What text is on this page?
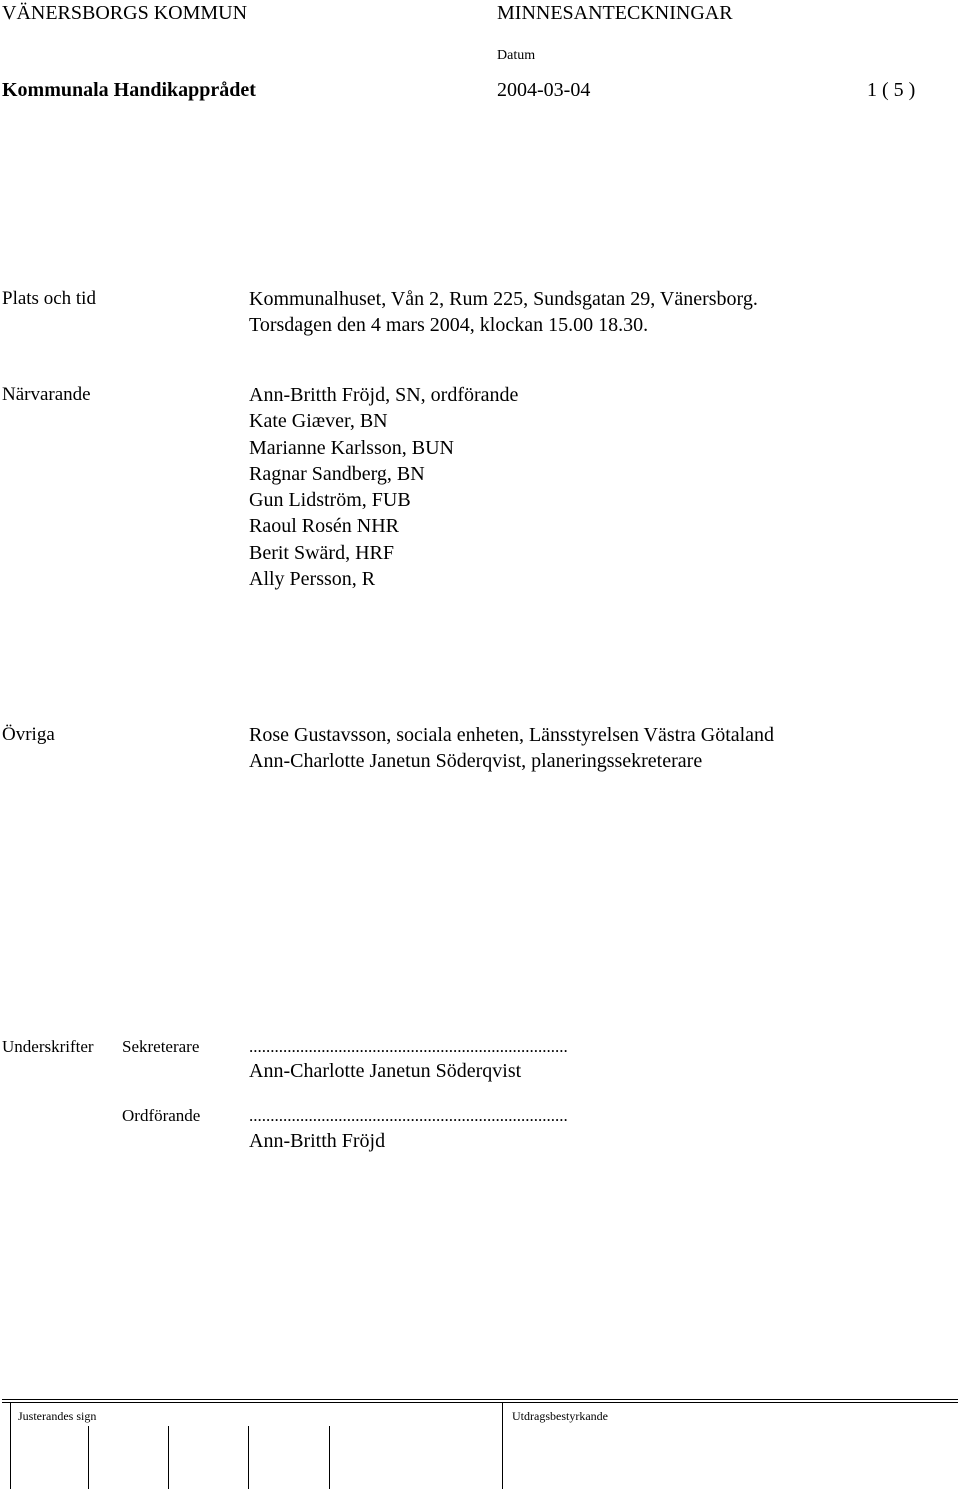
VÄNERSBORGS KOMMUN	MINNESANTECKNINGAR
Datum
Kommunala Handikapprådet	2004-03-04	1 ( 5 )
Plats och tid	Kommunalhuset, Vån 2, Rum 225, Sundsgatan 29, Vänersborg.
Torsdagen den 4 mars 2004, klockan 15.00 18.30.
Närvarande	Ann-Britth Fröjd, SN, ordförande
Kate Giæver, BN
Marianne Karlsson, BUN
Ragnar Sandberg, BN
Gun Lidström, FUB
Raoul Rosén NHR
Berit Swärd, HRF
Ally Persson, R
Övriga	Rose Gustavsson, sociala enheten, Länsstyrelsen Västra Götaland
Ann-Charlotte Janetun Söderqvist, planeringssekreterare
Underskrifter Sekreterare	...........................................................................
Ann-Charlotte Janetun Söderqvist
Ordförande	...........................................................................
Ann-Britth Fröjd
Justerandes sign	Utdragsbestyrkande
